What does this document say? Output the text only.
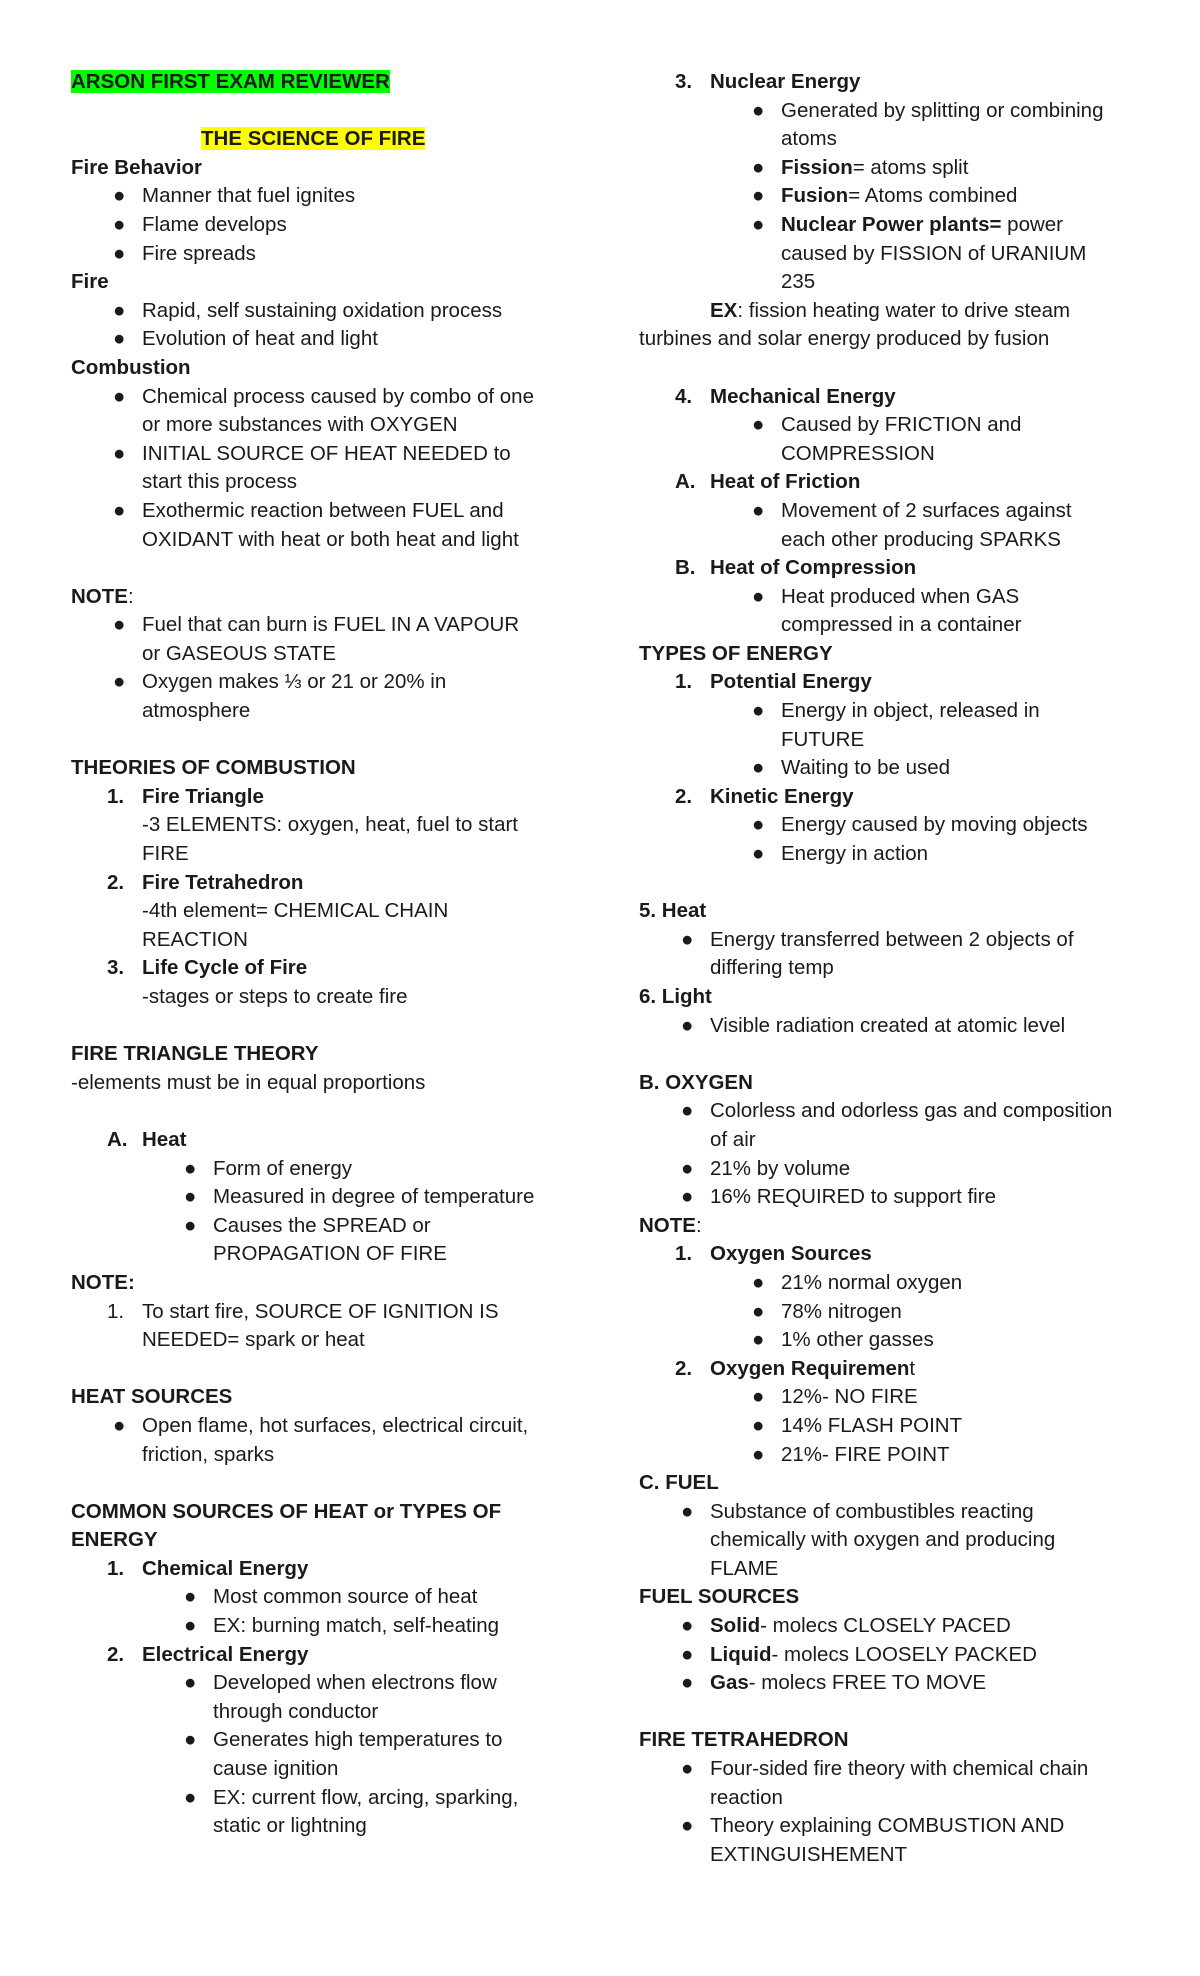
ARSON FIRST EXAM REVIEWER
THE SCIENCE OF FIRE
Fire Behavior
● Manner that fuel ignites
● Flame develops
● Fire spreads
Fire
● Rapid, self sustaining oxidation process
● Evolution of heat and light
Combustion
● Chemical process caused by combo of one
or more substances with OXYGEN
● INITIAL SOURCE OF HEAT NEEDED to
start this process
● Exothermic reaction between FUEL and
OXIDANT with heat or both heat and light
NOTE:
● Fuel that can burn is FUEL IN A VAPOUR
or GASEOUS STATE
● Oxygen makes ⅓ or 21 or 20% in
atmosphere
THEORIES OF COMBUSTION
1. Fire Triangle
-3 ELEMENTS: oxygen, heat, fuel to start
FIRE
2. Fire Tetrahedron
-4th element= CHEMICAL CHAIN
REACTION
3. Life Cycle of Fire
-stages or steps to create fire
FIRE TRIANGLE THEORY
-elements must be in equal proportions
A. Heat
● Form of energy
● Measured in degree of temperature
● Causes the SPREAD or
PROPAGATION OF FIRE
NOTE:
1. To start fire, SOURCE OF IGNITION IS
NEEDED= spark or heat
HEAT SOURCES
● Open flame, hot surfaces, electrical circuit,
friction, sparks
COMMON SOURCES OF HEAT or TYPES OF
ENERGY
1. Chemical Energy
● Most common source of heat
● EX: burning match, self-heating
2. Electrical Energy
● Developed when electrons flow
through conductor
● Generates high temperatures to
cause ignition
● EX: current flow, arcing, sparking,
static or lightning
3. Nuclear Energy
● Generated by splitting or combining
atoms
● Fission= atoms split
● Fusion= Atoms combined
● Nuclear Power plants= power
caused by FISSION of URANIUM
235
EX: fission heating water to drive steam
turbines and solar energy produced by fusion
4. Mechanical Energy
● Caused by FRICTION and
COMPRESSION
A. Heat of Friction
● Movement of 2 surfaces against
each other producing SPARKS
B. Heat of Compression
● Heat produced when GAS
compressed in a container
TYPES OF ENERGY
1. Potential Energy
● Energy in object, released in
FUTURE
● Waiting to be used
2. Kinetic Energy
● Energy caused by moving objects
● Energy in action
5. Heat
● Energy transferred between 2 objects of
differing temp
6. Light
● Visible radiation created at atomic level
B. OXYGEN
● Colorless and odorless gas and composition
of air
● 21% by volume
● 16% REQUIRED to support fire
NOTE:
1. Oxygen Sources
● 21% normal oxygen
● 78% nitrogen
● 1% other gasses
2. Oxygen Requirement
● 12%- NO FIRE
● 14% FLASH POINT
● 21%- FIRE POINT
C. FUEL
● Substance of combustibles reacting
chemically with oxygen and producing
FLAME
FUEL SOURCES
● Solid- molecs CLOSELY PACED
● Liquid- molecs LOOSELY PACKED
● Gas- molecs FREE TO MOVE
FIRE TETRAHEDRON
● Four-sided fire theory with chemical chain
reaction
● Theory explaining COMBUSTION AND
EXTINGUISHEMENT
